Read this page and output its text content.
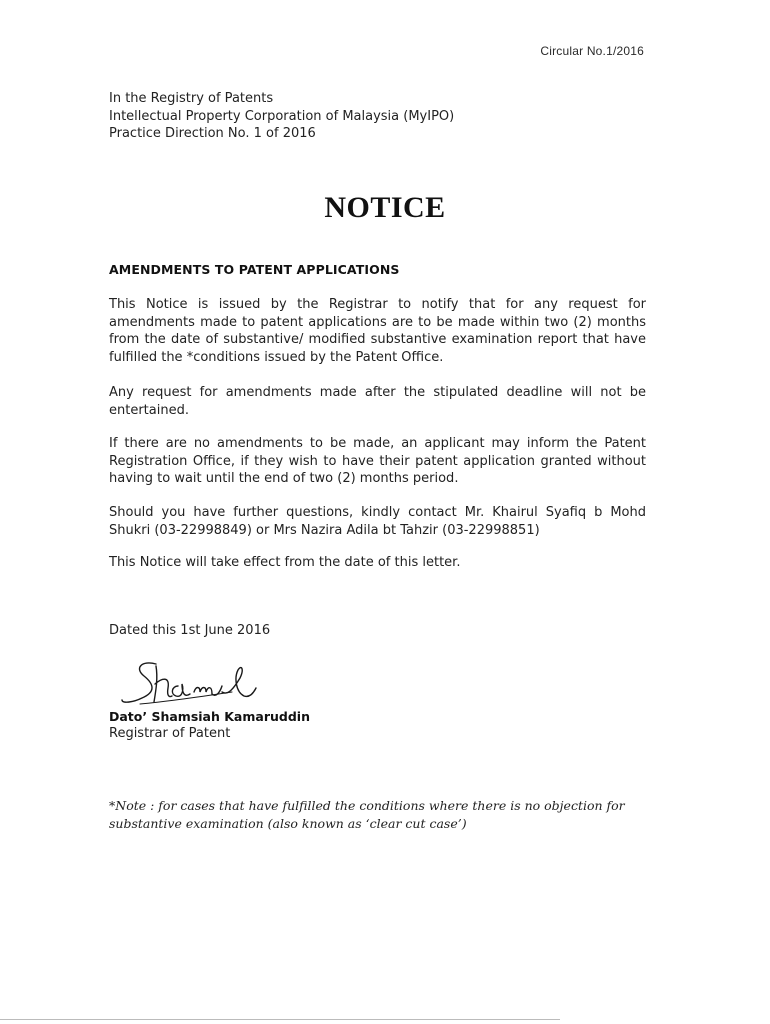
Circular No.1/2016
In the Registry of Patents
Intellectual Property Corporation of Malaysia (MyIPO)
Practice Direction No. 1 of 2016
NOTICE
AMENDMENTS TO PATENT APPLICATIONS
This Notice is issued by the Registrar to notify that for any request for amendments made to patent applications are to be made within two (2) months from the date of substantive/ modified substantive examination report that have fulfilled the *conditions issued by the Patent Office.
Any request for amendments made after the stipulated deadline will not be entertained.
If there are no amendments to be made, an applicant may inform the Patent Registration Office, if they wish to have their patent application granted without having to wait until the end of two (2) months period.
Should you have further questions, kindly contact Mr. Khairul Syafiq b Mohd Shukri (03-22998849) or Mrs Nazira Adila bt Tahzir (03-22998851)
This Notice will take effect from the date of this letter.
Dated this 1st June 2016
Dato’ Shamsiah Kamaruddin
Registrar of Patent
*Note : for cases that have fulfilled the conditions where there is no objection for substantive examination (also known as ‘clear cut case’)
